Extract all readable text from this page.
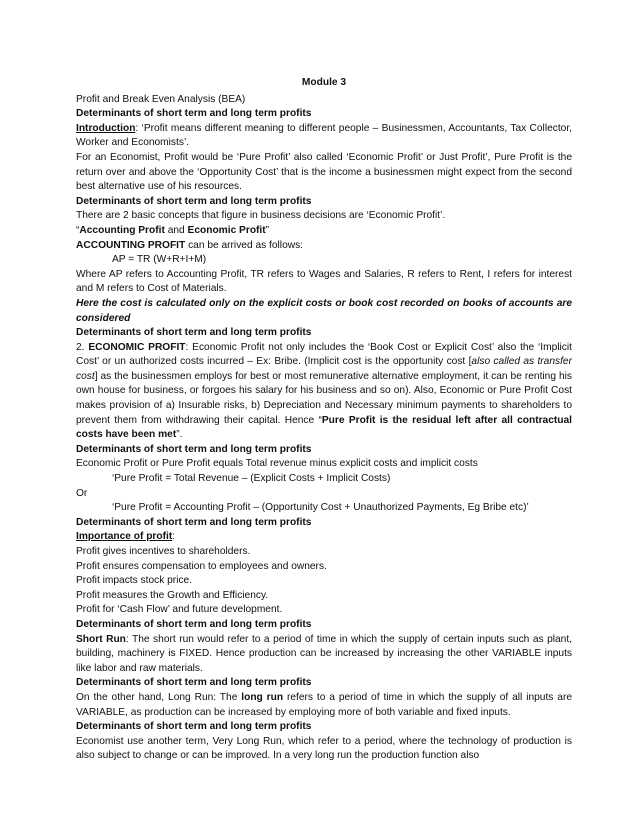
Module 3

Profit and Break Even Analysis (BEA)

Determinants of short term and long term profits

Introduction: ‘Profit means different meaning to different people – Businessmen, Accountants, Tax Collector, Worker and Economists’.

For an Economist, Profit would be ‘Pure Profit’ also called ‘Economic Profit’ or Just Profit’, Pure Profit is the return over and above the ‘Opportunity Cost’ that is the income a businessmen might expect from the second best alternative use of his resources.

Determinants of short term and long term profits

There are 2 basic concepts that figure in business decisions are ‘Economic Profit’.

“Accounting Profit and Economic Profit”

ACCOUNTING PROFIT can be arrived as follows:

AP = TR (W+R+I+M)

Where AP refers to Accounting Profit, TR refers to Wages and Salaries, R refers to Rent, I refers for interest and M refers to Cost of Materials.

Here the cost is calculated only on the explicit costs or book cost recorded on books of accounts are considered

Determinants of short term and long term profits

2. ECONOMIC PROFIT: Economic Profit not only includes the ‘Book Cost or Explicit Cost’ also the ‘Implicit Cost’ or un authorized costs incurred – Ex: Bribe. (Implicit cost is the opportunity cost [also called as transfer cost] as the businessmen employs for best or most remunerative alternative employment, it can be renting his own house for business, or forgoes his salary for his business and so on). Also, Economic or Pure Profit Cost makes provision of a) Insurable risks, b) Depreciation and Necessary minimum payments to shareholders to prevent them from withdrawing their capital. Hence “Pure Profit is the residual left after all contractual costs have been met”.

Determinants of short term and long term profits

Economic Profit or Pure Profit equals Total revenue minus explicit costs and implicit costs

‘Pure Profit = Total Revenue – (Explicit Costs + Implicit Costs)

Or

‘Pure Profit = Accounting Profit – (Opportunity Cost + Unauthorized Payments, Eg Bribe etc)’

Determinants of short term and long term profits

Importance of profit:

Profit gives incentives to shareholders.

Profit ensures compensation to employees and owners.

Profit impacts stock price.

Profit measures the Growth and Efficiency.

Profit for ‘Cash Flow’ and future development.

Determinants of short term and long term profits

Short Run: The short run would refer to a period of time in which the supply of certain inputs such as plant, building, machinery is FIXED. Hence production can be increased by increasing the other VARIABLE inputs like labor and raw materials.

Determinants of short term and long term profits

On the other hand, Long Run: The long run refers to a period of time in which the supply of all inputs are VARIABLE, as production can be increased by employing more of both variable and fixed inputs.

Determinants of short term and long term profits

Economist use another term, Very Long Run, which refer to a period, where the technology of production is also subject to change or can be improved. In a very long run the production function also
